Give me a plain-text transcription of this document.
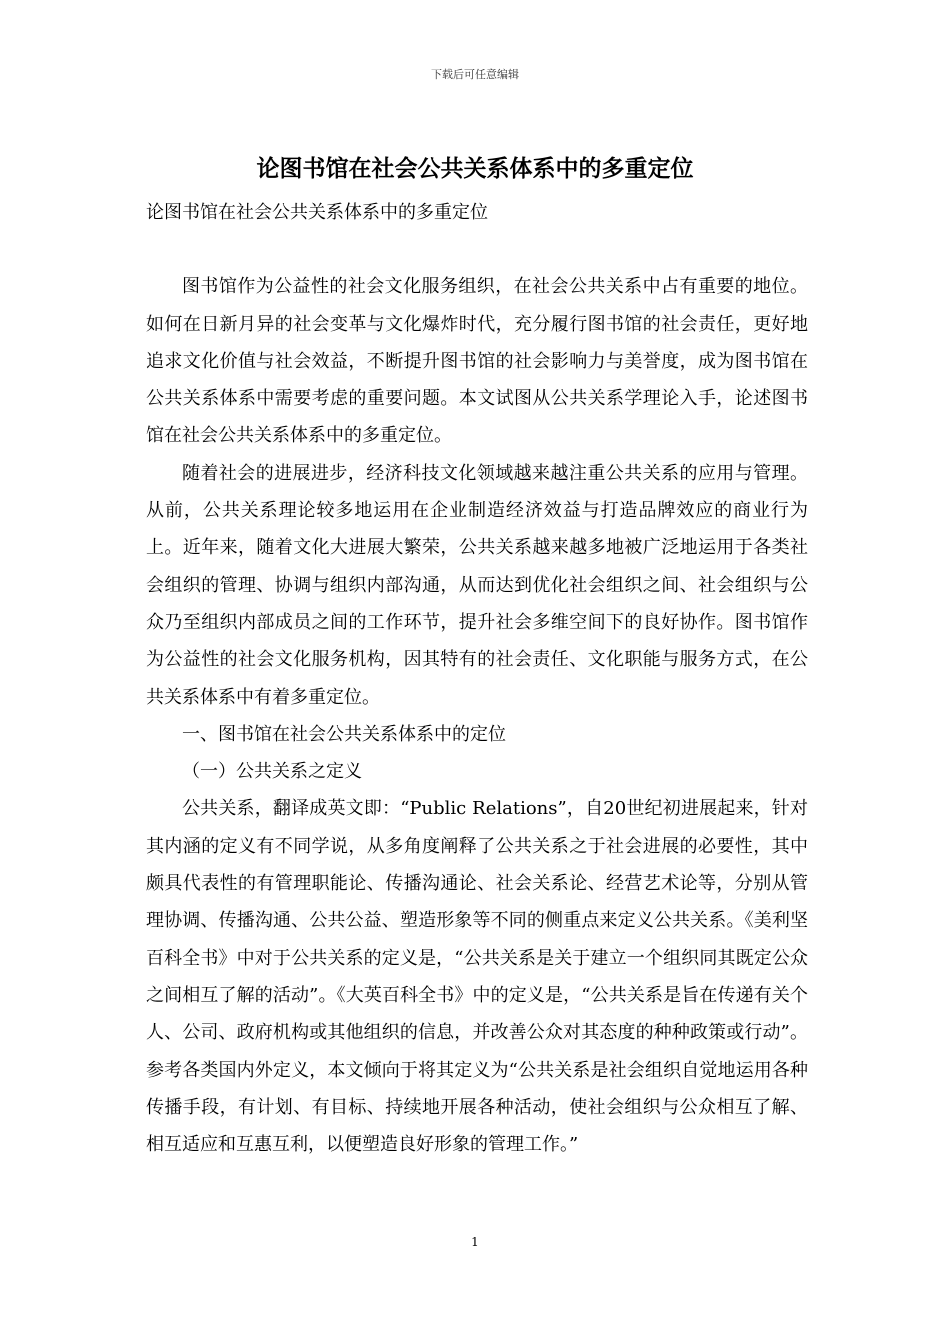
下载后可任意编辑
论图书馆在社会公共关系体系中的多重定位

论图书馆在社会公共关系体系中的多重定位

图书馆作为公益性的社会文化服务组织，在社会公共关系中占有重要的地位。如何在日新月异的社会变革与文化爆炸时代，充分履行图书馆的社会责任，更好地追求文化价值与社会效益，不断提升图书馆的社会影响力与美誉度，成为图书馆在公共关系体系中需要考虑的重要问题。本文试图从公共关系学理论入手，论述图书馆在社会公共关系体系中的多重定位。

随着社会的进展进步，经济科技文化领域越来越注重公共关系的应用与管理。从前，公共关系理论较多地运用在企业制造经济效益与打造品牌效应的商业行为上。近年来，随着文化大进展大繁荣，公共关系越来越多地被广泛地运用于各类社会组织的管理、协调与组织内部沟通，从而达到优化社会组织之间、社会组织与公众乃至组织内部成员之间的工作环节，提升社会多维空间下的良好协作。图书馆作为公益性的社会文化服务机构，因其特有的社会责任、文化职能与服务方式，在公共关系体系中有着多重定位。

一、图书馆在社会公共关系体系中的定位

（一）公共关系之定义

公共关系，翻译成英文即：“Public Relations”，自20世纪初进展起来，针对其内涵的定义有不同学说，从多角度阐释了公共关系之于社会进展的必要性，其中颇具代表性的有管理职能论、传播沟通论、社会关系论、经营艺术论等，分别从管理协调、传播沟通、公共公益、塑造形象等不同的侧重点来定义公共关系。《美利坚百科全书》中对于公共关系的定义是，“公共关系是关于建立一个组织同其既定公众之间相互了解的活动”。《大英百科全书》中的定义是，“公共关系是旨在传递有关个人、公司、政府机构或其他组织的信息，并改善公众对其态度的种种政策或行动”。参考各类国内外定义，本文倾向于将其定义为“公共关系是社会组织自觉地运用各种传播手段，有计划、有目标、持续地开展各种活动，使社会组织与公众相互了解、相互适应和互惠互利，以便塑造良好形象的管理工作。”

1
